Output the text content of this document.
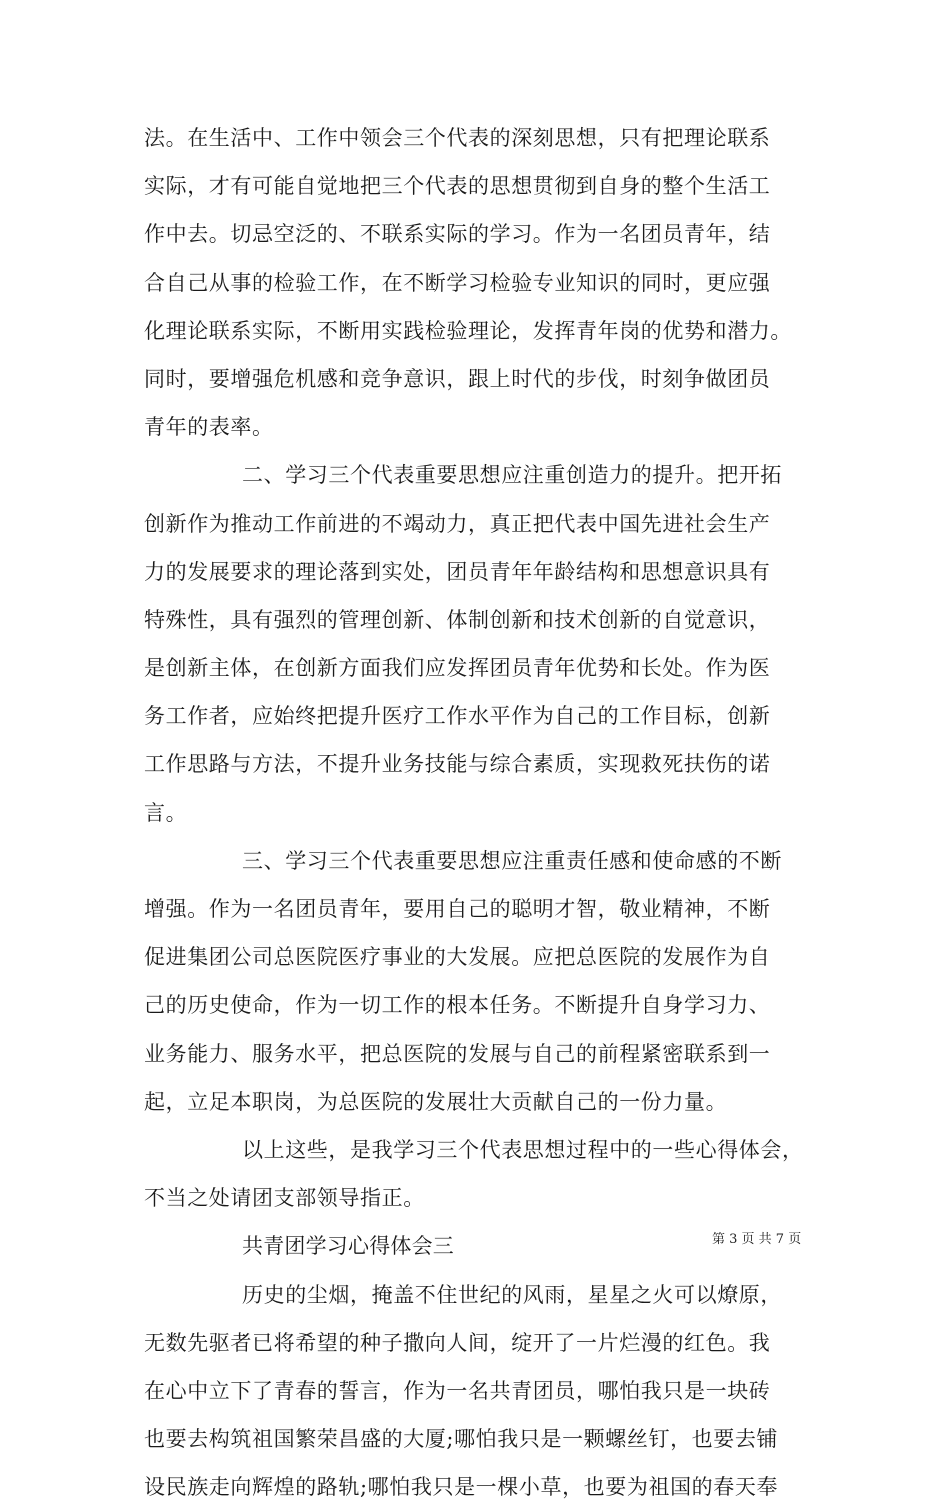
法。在生活中、工作中领会三个代表的深刻思想，只有把理论联系
实际，才有可能自觉地把三个代表的思想贯彻到自身的整个生活工
作中去。切忌空泛的、不联系实际的学习。作为一名团员青年，结
合自己从事的检验工作，在不断学习检验专业知识的同时，更应强
化理论联系实际，不断用实践检验理论，发挥青年岗的优势和潜力。
同时，要增强危机感和竞争意识，跟上时代的步伐，时刻争做团员
青年的表率。
二、学习三个代表重要思想应注重创造力的提升。把开拓
创新作为推动工作前进的不竭动力，真正把代表中国先进社会生产
力的发展要求的理论落到实处，团员青年年龄结构和思想意识具有
特殊性，具有强烈的管理创新、体制创新和技术创新的自觉意识，
是创新主体，在创新方面我们应发挥团员青年优势和长处。作为医
务工作者，应始终把提升医疗工作水平作为自己的工作目标，创新
工作思路与方法，不提升业务技能与综合素质，实现救死扶伤的诺
言。
三、学习三个代表重要思想应注重责任感和使命感的不断
增强。作为一名团员青年，要用自己的聪明才智，敬业精神，不断
促进集团公司总医院医疗事业的大发展。应把总医院的发展作为自
己的历史使命，作为一切工作的根本任务。不断提升自身学习力、
业务能力、服务水平，把总医院的发展与自己的前程紧密联系到一
起，立足本职岗，为总医院的发展壮大贡献自己的一份力量。
以上这些，是我学习三个代表思想过程中的一些心得体会，
不当之处请团支部领导指正。
共青团学习心得体会三
历史的尘烟，掩盖不住世纪的风雨，星星之火可以燎原，
无数先驱者已将希望的种子撒向人间，绽开了一片烂漫的红色。我
在心中立下了青春的誓言，作为一名共青团员，哪怕我只是一块砖
也要去构筑祖国繁荣昌盛的大厦;哪怕我只是一颗螺丝钉，也要去铺
设民族走向辉煌的路轨;哪怕我只是一棵小草，也要为祖国的春天奉
第 3 页 共 7 页
